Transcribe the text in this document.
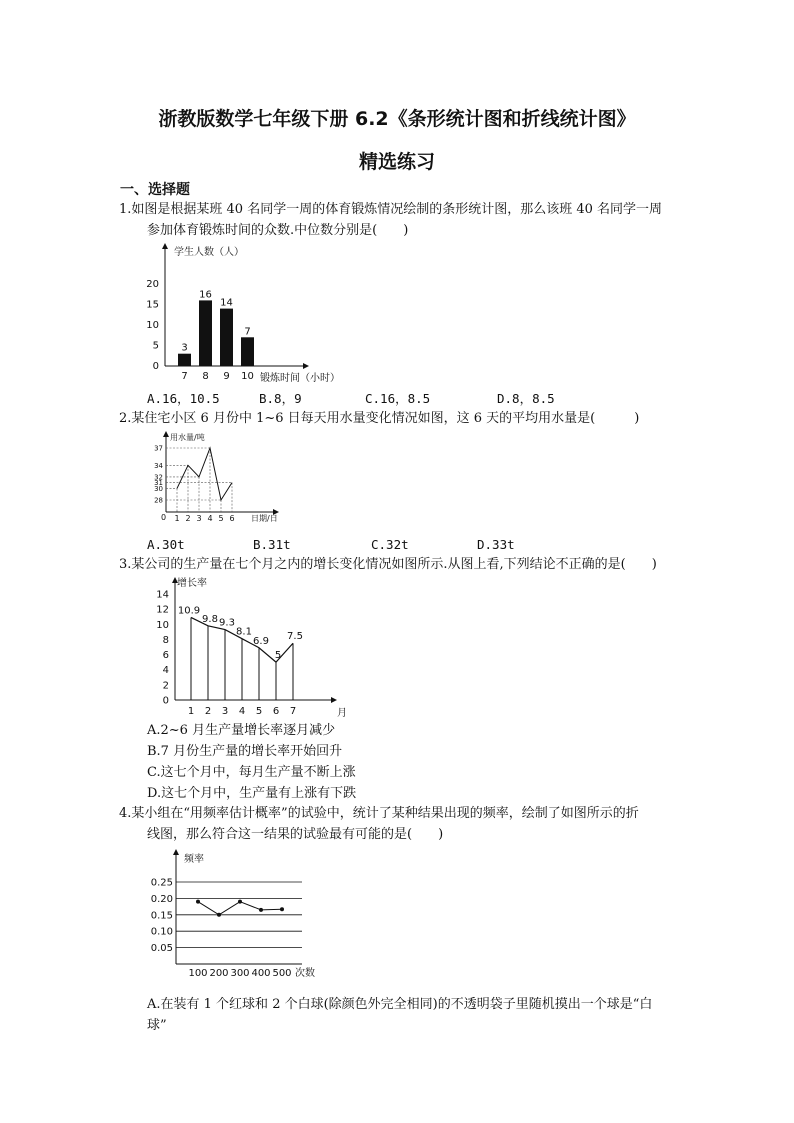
浙教版数学七年级下册 6.2《条形统计图和折线统计图》
精选练习
一、选择题
1.如图是根据某班 40 名同学一周的体育锻炼情况绘制的条形统计图，那么该班 40 名同学一周
参加体育锻炼时间的众数.中位数分别是(　　)
学生人数（人）
锻炼时间（小时）
0
5
10
15
20
3
7
16
8
14
9
7
10
A.16，10.5	B.8，9	C.16，8.5	D.8，8.5
2.某住宅小区 6 月份中 1~6 日每天用水量变化情况如图，这 6 天的平均用水量是(　　　)
用水量/吨
日期/日
0
28
30
31
32
34
37
1 2 3 4 5 6
A.30t	B.31t	C.32t	D.33t
3.某公司的生产量在七个月之内的增长变化情况如图所示.从图上看,下列结论不正确的是(　　)
增长率
月
0
2
4
6
8
10
12
14
1
10.9
2
9.8
3
9.3
4
8.1
5
6.9
6
5
7
7.5
A.2~6 月生产量增长率逐月减少
B.7 月份生产量的增长率开始回升
C.这七个月中，每月生产量不断上涨
D.这七个月中，生产量有上涨有下跌
4.某小组在“用频率估计概率”的试验中，统计了某种结果出现的频率，绘制了如图所示的折
线图，那么符合这一结果的试验最有可能的是(　　)
频率
次数
0.05
0.10
0.15
0.20
0.25
100 200 300 400 500
A.在装有 1 个红球和 2 个白球(除颜色外完全相同)的不透明袋子里随机摸出一个球是“白
球”
